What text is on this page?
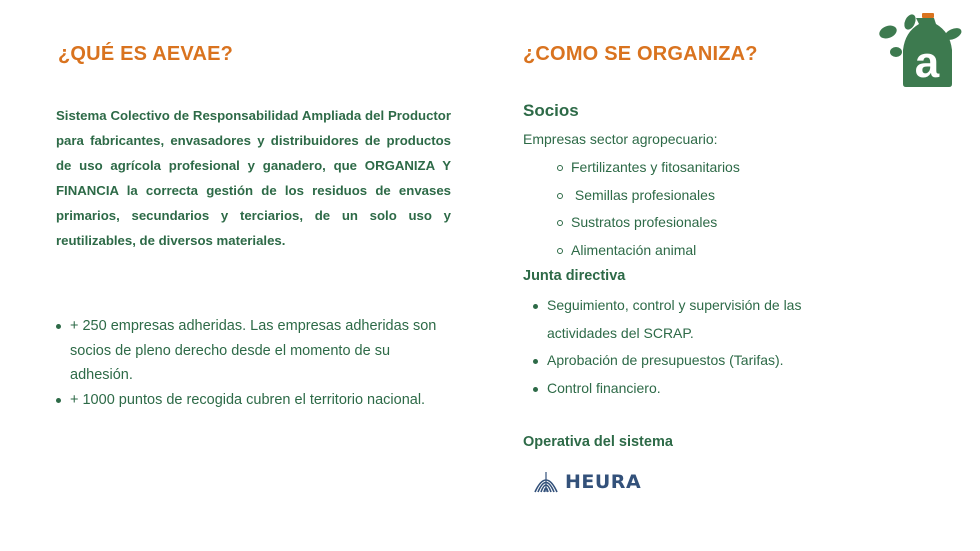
¿QUÉ ES AEVAE?	¿COMO SE ORGANIZA?

Sistema Colectivo de Responsabilidad Ampliada del Productor para fabricantes, envasadores y distribuidores de productos de uso agrícola profesional y ganadero, que ORGANIZA Y FINANCIA la correcta gestión de los residuos de envases primarios, secundarios y terciarios, de un solo uso y reutilizables, de diversos materiales.

+ 250 empresas adheridas. Las empresas adheridas son socios de pleno derecho desde el momento de su adhesión.
+ 1000 puntos de recogida cubren el territorio nacional.
Socios

Empresas sector agropecuario:

Fertilizantes y fitosanitarios
Semillas profesionales
Sustratos profesionales
Alimentación animal
Junta directiva
Seguimiento, control y supervisión de las actividades del SCRAP.
Aprobación de presupuestos (Tarifas).
Control financiero.
Operativa del sistema
HEURA
a
